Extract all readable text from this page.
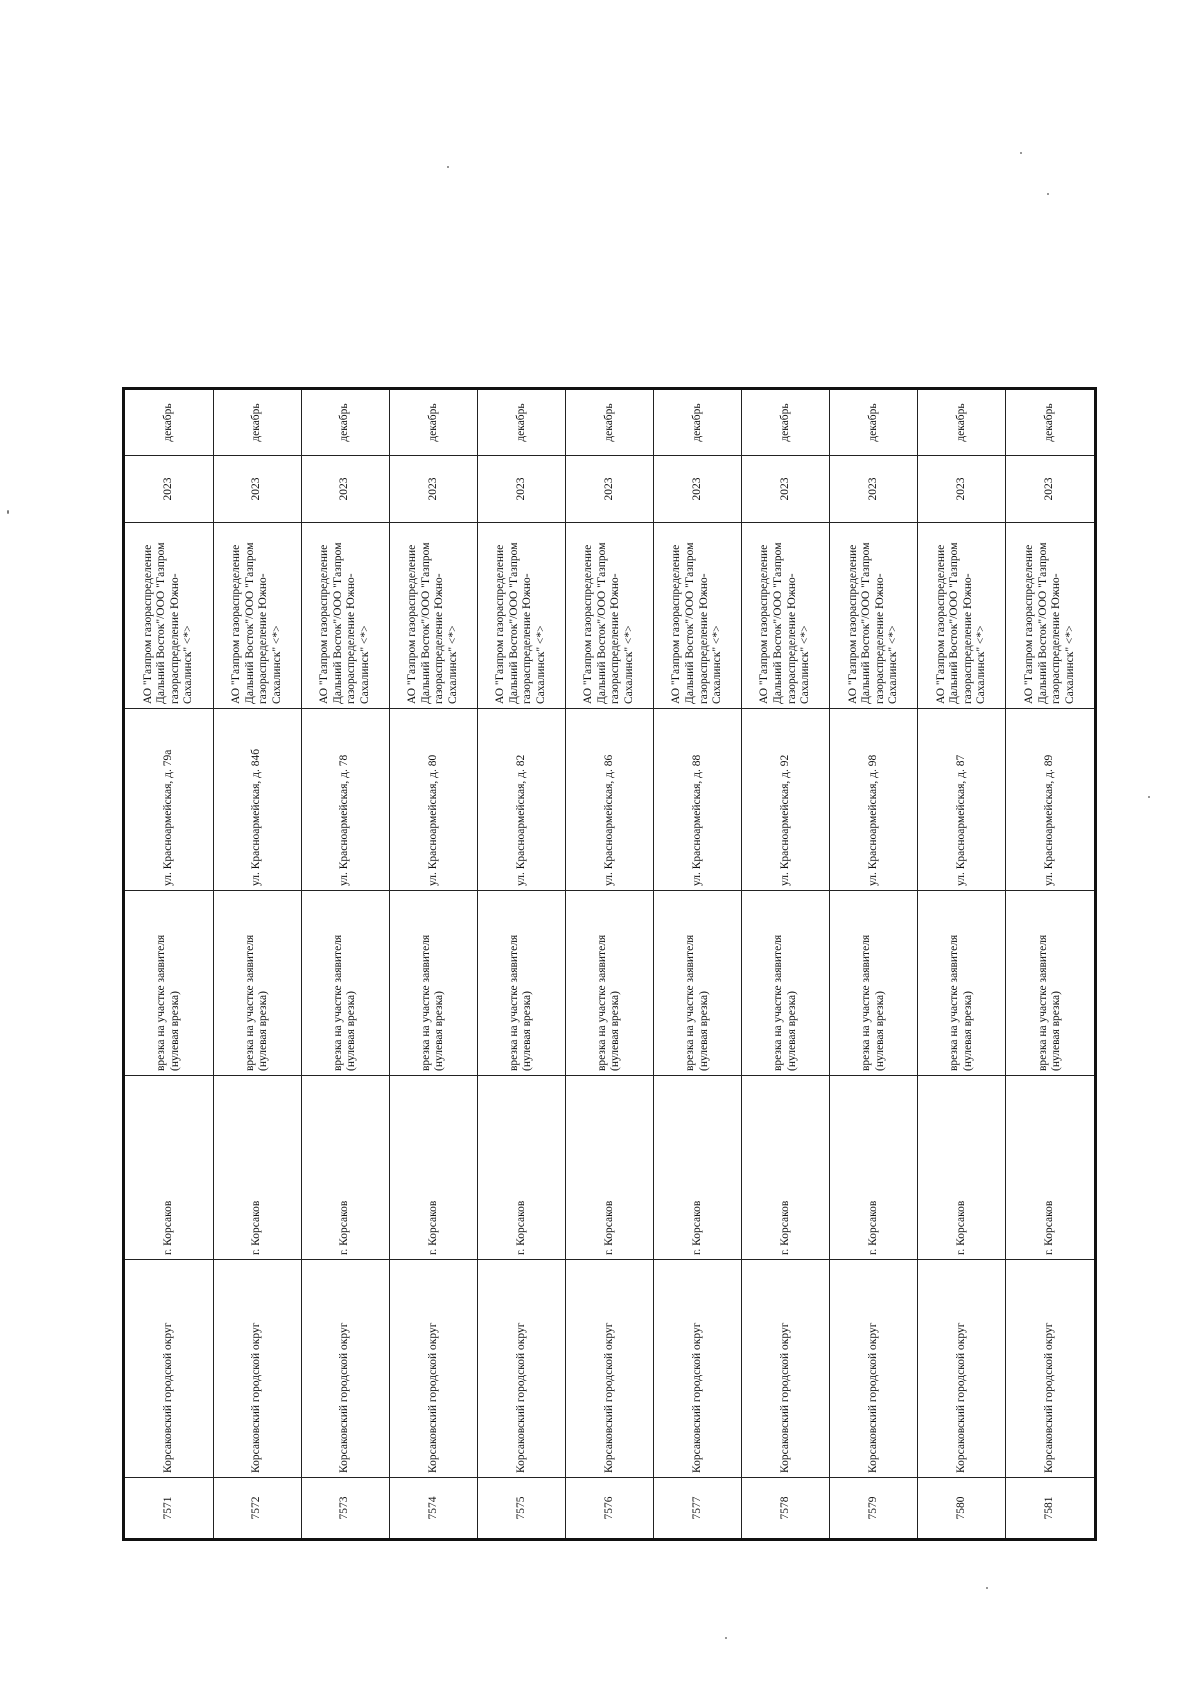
7571	Корсаковский городской округ	г. Корсаков	врезка на участке заявителя (нулевая врезка)	ул. Красноармейская, д. 79а	АО "Газпром газораспределение Дальний Восток"/ООО "Газпром газораспределение Южно-Сахалинск" <*>	2023	декабрь
7572	Корсаковский городской округ	г. Корсаков	врезка на участке заявителя (нулевая врезка)	ул. Красноармейская, д. 84б	АО "Газпром газораспределение Дальний Восток"/ООО "Газпром газораспределение Южно-Сахалинск" <*>	2023	декабрь
7573	Корсаковский городской округ	г. Корсаков	врезка на участке заявителя (нулевая врезка)	ул. Красноармейская, д. 78	АО "Газпром газораспределение Дальний Восток"/ООО "Газпром газораспределение Южно-Сахалинск" <*>	2023	декабрь
7574	Корсаковский городской округ	г. Корсаков	врезка на участке заявителя (нулевая врезка)	ул. Красноармейская, д. 80	АО "Газпром газораспределение Дальний Восток"/ООО "Газпром газораспределение Южно-Сахалинск" <*>	2023	декабрь
7575	Корсаковский городской округ	г. Корсаков	врезка на участке заявителя (нулевая врезка)	ул. Красноармейская, д. 82	АО "Газпром газораспределение Дальний Восток"/ООО "Газпром газораспределение Южно-Сахалинск" <*>	2023	декабрь
7576	Корсаковский городской округ	г. Корсаков	врезка на участке заявителя (нулевая врезка)	ул. Красноармейская, д. 86	АО "Газпром газораспределение Дальний Восток"/ООО "Газпром газораспределение Южно-Сахалинск" <*>	2023	декабрь
7577	Корсаковский городской округ	г. Корсаков	врезка на участке заявителя (нулевая врезка)	ул. Красноармейская, д. 88	АО "Газпром газораспределение Дальний Восток"/ООО "Газпром газораспределение Южно-Сахалинск" <*>	2023	декабрь
7578	Корсаковский городской округ	г. Корсаков	врезка на участке заявителя (нулевая врезка)	ул. Красноармейская, д. 92	АО "Газпром газораспределение Дальний Восток"/ООО "Газпром газораспределение Южно-Сахалинск" <*>	2023	декабрь
7579	Корсаковский городской округ	г. Корсаков	врезка на участке заявителя (нулевая врезка)	ул. Красноармейская, д. 98	АО "Газпром газораспределение Дальний Восток"/ООО "Газпром газораспределение Южно-Сахалинск" <*>	2023	декабрь
7580	Корсаковский городской округ	г. Корсаков	врезка на участке заявителя (нулевая врезка)	ул. Красноармейская, д. 87	АО "Газпром газораспределение Дальний Восток"/ООО "Газпром газораспределение Южно-Сахалинск" <*>	2023	декабрь
7581	Корсаковский городской округ	г. Корсаков	врезка на участке заявителя (нулевая врезка)	ул. Красноармейская, д. 89	АО "Газпром газораспределение Дальний Восток"/ООО "Газпром газораспределение Южно-Сахалинск" <*>	2023	декабрь
